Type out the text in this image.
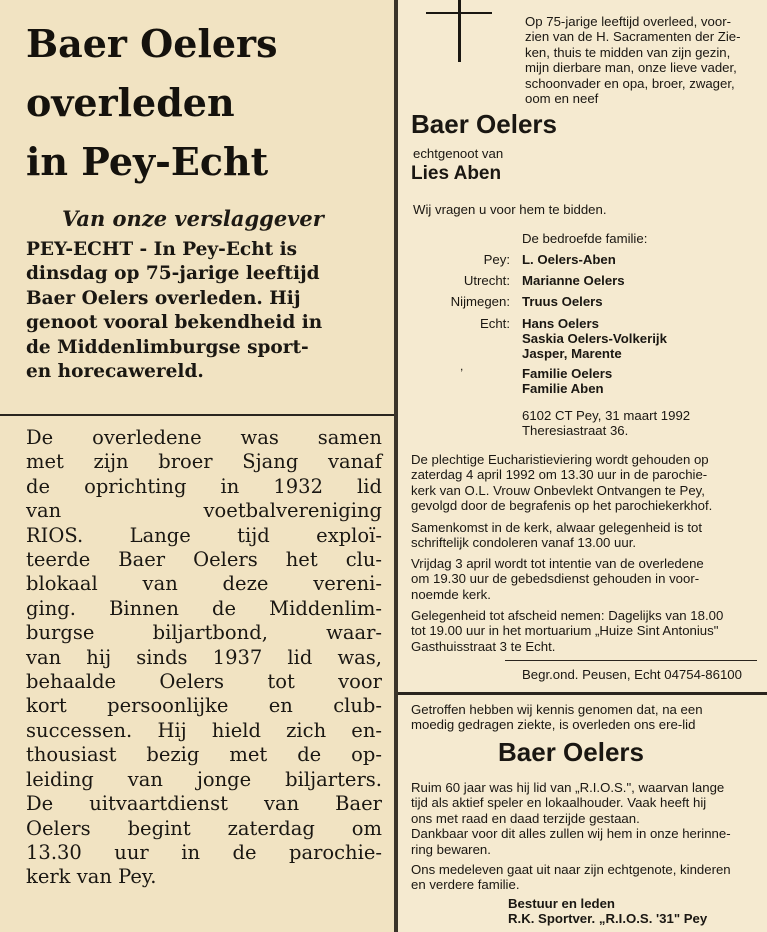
Baer Oelers
overleden
in Pey-Echt
Van onze verslaggever
PEY-ECHT - In Pey-Echt is
dinsdag op 75-jarige leeftijd
Baer Oelers overleden. Hij
genoot vooral bekendheid in
de Middenlimburgse sport-
en horecawereld.
De overledene was samen
met zijn broer Sjang vanaf
de oprichting in 1932 lid
van voetbalvereniging
RIOS. Lange tijd exploï-
teerde Baer Oelers het clu-
blokaal van deze vereni-
ging. Binnen de Middenlim-
burgse biljartbond, waar-
van hij sinds 1937 lid was,
behaalde Oelers tot voor
kort persoonlijke en club-
successen. Hij hield zich en-
thousiast bezig met de op-
leiding van jonge biljarters.
De uitvaartdienst van Baer
Oelers begint zaterdag om
13.30 uur in de parochie-
kerk van Pey.
Op 75-jarige leeftijd overleed, voor-
zien van de H. Sacramenten der Zie-
ken, thuis te midden van zijn gezin,
mijn dierbare man, onze lieve vader,
schoonvader en opa, broer, zwager,
oom en neef
Baer Oelers
echtgenoot van
Lies Aben
Wij vragen u voor hem te bidden.
De bedroefde familie:
Pey: L. Oelers-Aben
Utrecht: Marianne Oelers
Nijmegen: Truus Oelers
Echt: Hans Oelers
Saskia Oelers-Volkerijk
Jasper, Marente
Familie Oelers
Familie Aben
,
6102 CT Pey, 31 maart 1992
Theresiastraat 36.
De plechtige Eucharistieviering wordt gehouden op
zaterdag 4 april 1992 om 13.30 uur in de parochie-
kerk van O.L. Vrouw Onbevlekt Ontvangen te Pey,
gevolgd door de begrafenis op het parochiekerkhof.
Samenkomst in de kerk, alwaar gelegenheid is tot
schriftelijk condoleren vanaf 13.00 uur.
Vrijdag 3 april wordt tot intentie van de overledene
om 19.30 uur de gebedsdienst gehouden in voor-
noemde kerk.
Gelegenheid tot afscheid nemen: Dagelijks van 18.00
tot 19.00 uur in het mortuarium „Huize Sint Antonius"
Gasthuisstraat 3 te Echt.
Begr.ond. Peusen, Echt 04754-86100
Getroffen hebben wij kennis genomen dat, na een
moedig gedragen ziekte, is overleden ons ere-lid
Baer Oelers
Ruim 60 jaar was hij lid van „R.I.O.S.", waarvan lange
tijd als aktief speler en lokaalhouder. Vaak heeft hij
ons met raad en daad terzijde gestaan.
Dankbaar voor dit alles zullen wij hem in onze herinne-
ring bewaren.
Ons medeleven gaat uit naar zijn echtgenote, kinderen
en verdere familie.
Bestuur en leden
R.K. Sportver. „R.I.O.S. '31" Pey
